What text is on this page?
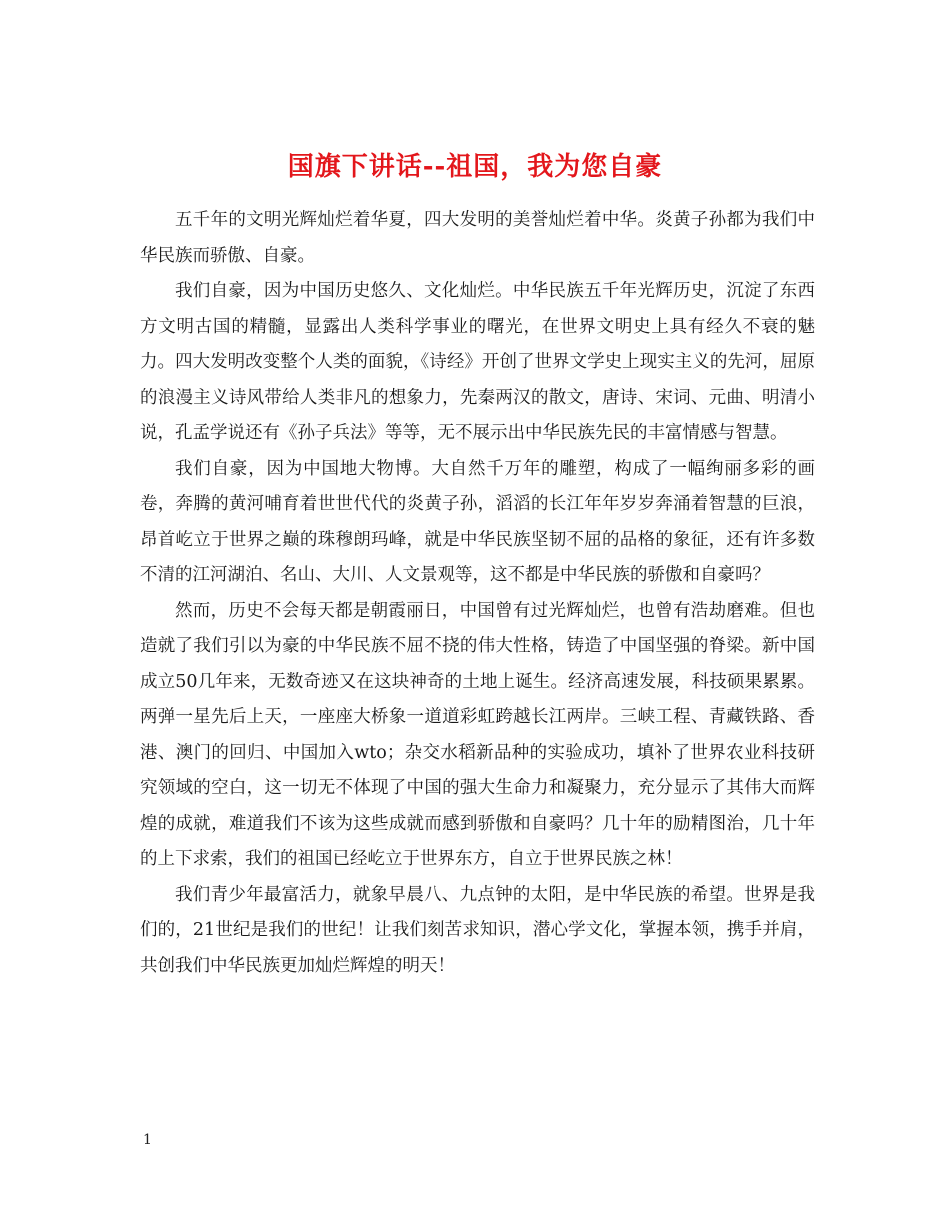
国旗下讲话--祖国，我为您自豪

五千年的文明光辉灿烂着华夏，四大发明的美誉灿烂着中华。炎黄子孙都为我们中华民族而骄傲、自豪。

我们自豪，因为中国历史悠久、文化灿烂。中华民族五千年光辉历史，沉淀了东西方文明古国的精髓，显露出人类科学事业的曙光，在世界文明史上具有经久不衰的魅力。四大发明改变整个人类的面貌，《诗经》开创了世界文学史上现实主义的先河，屈原的浪漫主义诗风带给人类非凡的想象力，先秦两汉的散文，唐诗、宋词、元曲、明清小说，孔孟学说还有《孙子兵法》等等，无不展示出中华民族先民的丰富情感与智慧。

我们自豪，因为中国地大物博。大自然千万年的雕塑，构成了一幅绚丽多彩的画卷，奔腾的黄河哺育着世世代代的炎黄子孙，滔滔的长江年年岁岁奔涌着智慧的巨浪，昂首屹立于世界之巅的珠穆朗玛峰，就是中华民族坚韧不屈的品格的象征，还有许多数不清的江河湖泊、名山、大川、人文景观等，这不都是中华民族的骄傲和自豪吗？

然而，历史不会每天都是朝霞丽日，中国曾有过光辉灿烂，也曾有浩劫磨难。但也造就了我们引以为豪的中华民族不屈不挠的伟大性格，铸造了中国坚强的脊梁。新中国成立50几年来，无数奇迹又在这块神奇的土地上诞生。经济高速发展，科技硕果累累。两弹一星先后上天，一座座大桥象一道道彩虹跨越长江两岸。三峡工程、青藏铁路、香港、澳门的回归、中国加入wto；杂交水稻新品种的实验成功，填补了世界农业科技研究领域的空白，这一切无不体现了中国的强大生命力和凝聚力，充分显示了其伟大而辉煌的成就，难道我们不该为这些成就而感到骄傲和自豪吗？几十年的励精图治，几十年的上下求索，我们的祖国已经屹立于世界东方，自立于世界民族之林！

我们青少年最富活力，就象早晨八、九点钟的太阳，是中华民族的希望。世界是我们的，21世纪是我们的世纪！让我们刻苦求知识，潜心学文化，掌握本领，携手并肩，共创我们中华民族更加灿烂辉煌的明天！

1
